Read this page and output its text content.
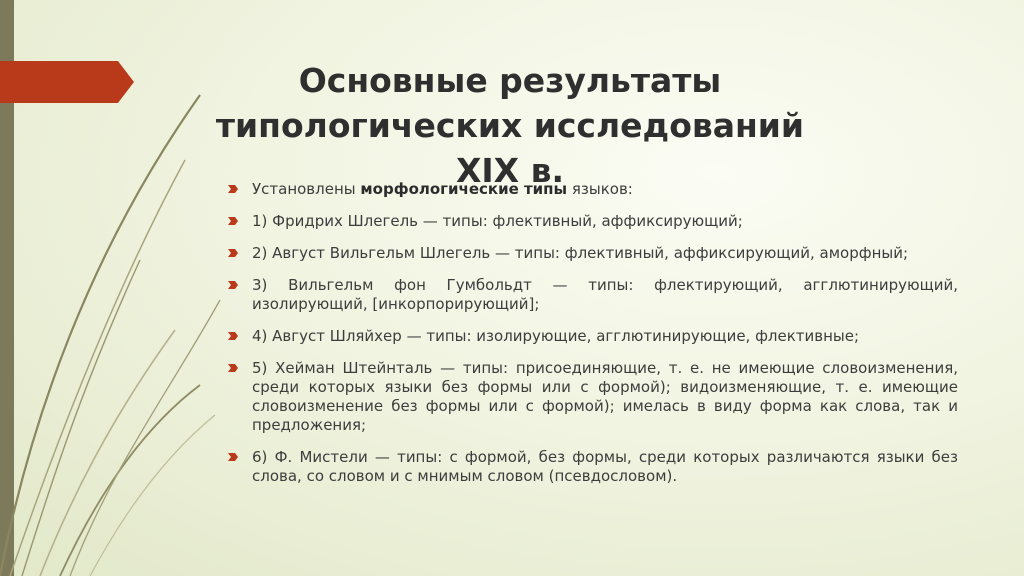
Основные результаты
типологических исследований XIX в.
Установлены морфологические типы языков:
1) Фридрих Шлегель — типы: флективный, аффиксирующий;
2) Август Вильгельм Шлегель — типы: флективный, аффиксирующий, аморфный;
3) Вильгельм фон Гумбольдт — типы: флектирующий, агглютинирующий, изолирующий, [инкорпорирующий];
4) Август Шляйхер — типы: изолирующие, агглютинирующие, флективные;
5) Хейман Штейнталь — типы: присоединяющие, т. е. не имеющие словоизменения, среди которых языки без формы или с формой); видоизменяющие, т. е. имеющие словоизменение без формы или с формой); имелась в виду форма как слова, так и предложения;
6) Ф. Мистели — типы: с формой, без формы, среди которых различаются языки без слова, со словом и с мнимым словом (псевдословом).
